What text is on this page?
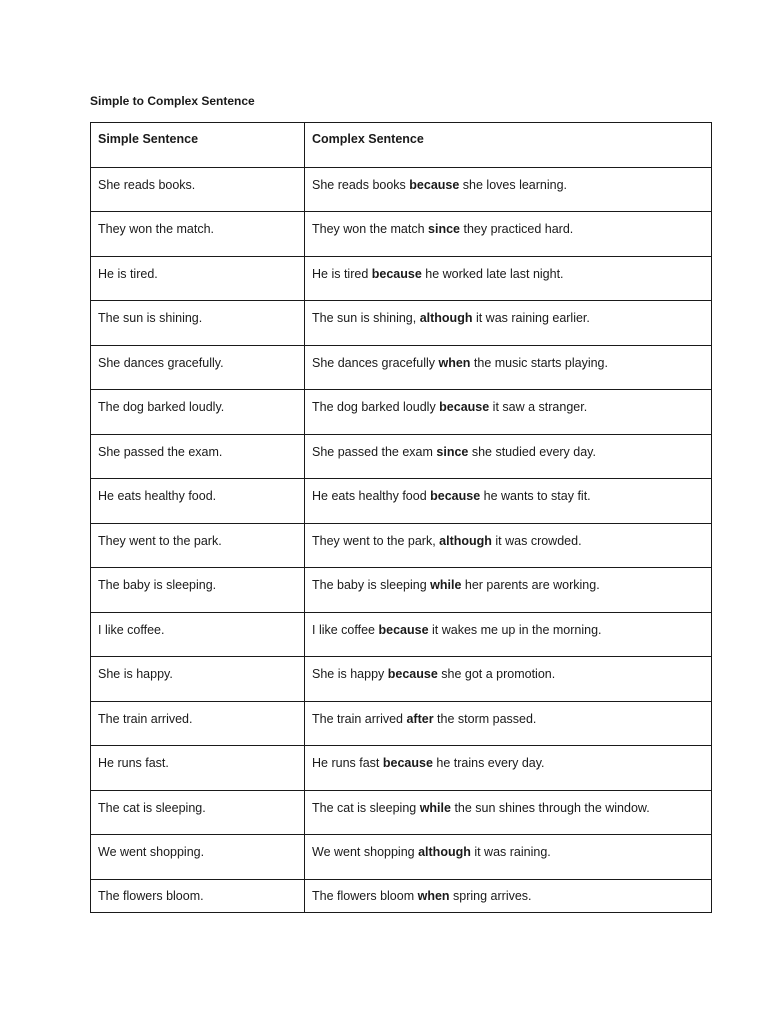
Simple to Complex Sentence
Simple Sentence	Complex Sentence
She reads books.	She reads books because she loves learning.
They won the match.	They won the match since they practiced hard.
He is tired.	He is tired because he worked late last night.
The sun is shining.	The sun is shining, although it was raining earlier.
She dances gracefully.	She dances gracefully when the music starts playing.
The dog barked loudly.	The dog barked loudly because it saw a stranger.
She passed the exam.	She passed the exam since she studied every day.
He eats healthy food.	He eats healthy food because he wants to stay fit.
They went to the park.	They went to the park, although it was crowded.
The baby is sleeping.	The baby is sleeping while her parents are working.
I like coffee.	I like coffee because it wakes me up in the morning.
She is happy.	She is happy because she got a promotion.
The train arrived.	The train arrived after the storm passed.
He runs fast.	He runs fast because he trains every day.
The cat is sleeping.	The cat is sleeping while the sun shines through the window.
We went shopping.	We went shopping although it was raining.
The flowers bloom.	The flowers bloom when spring arrives.
